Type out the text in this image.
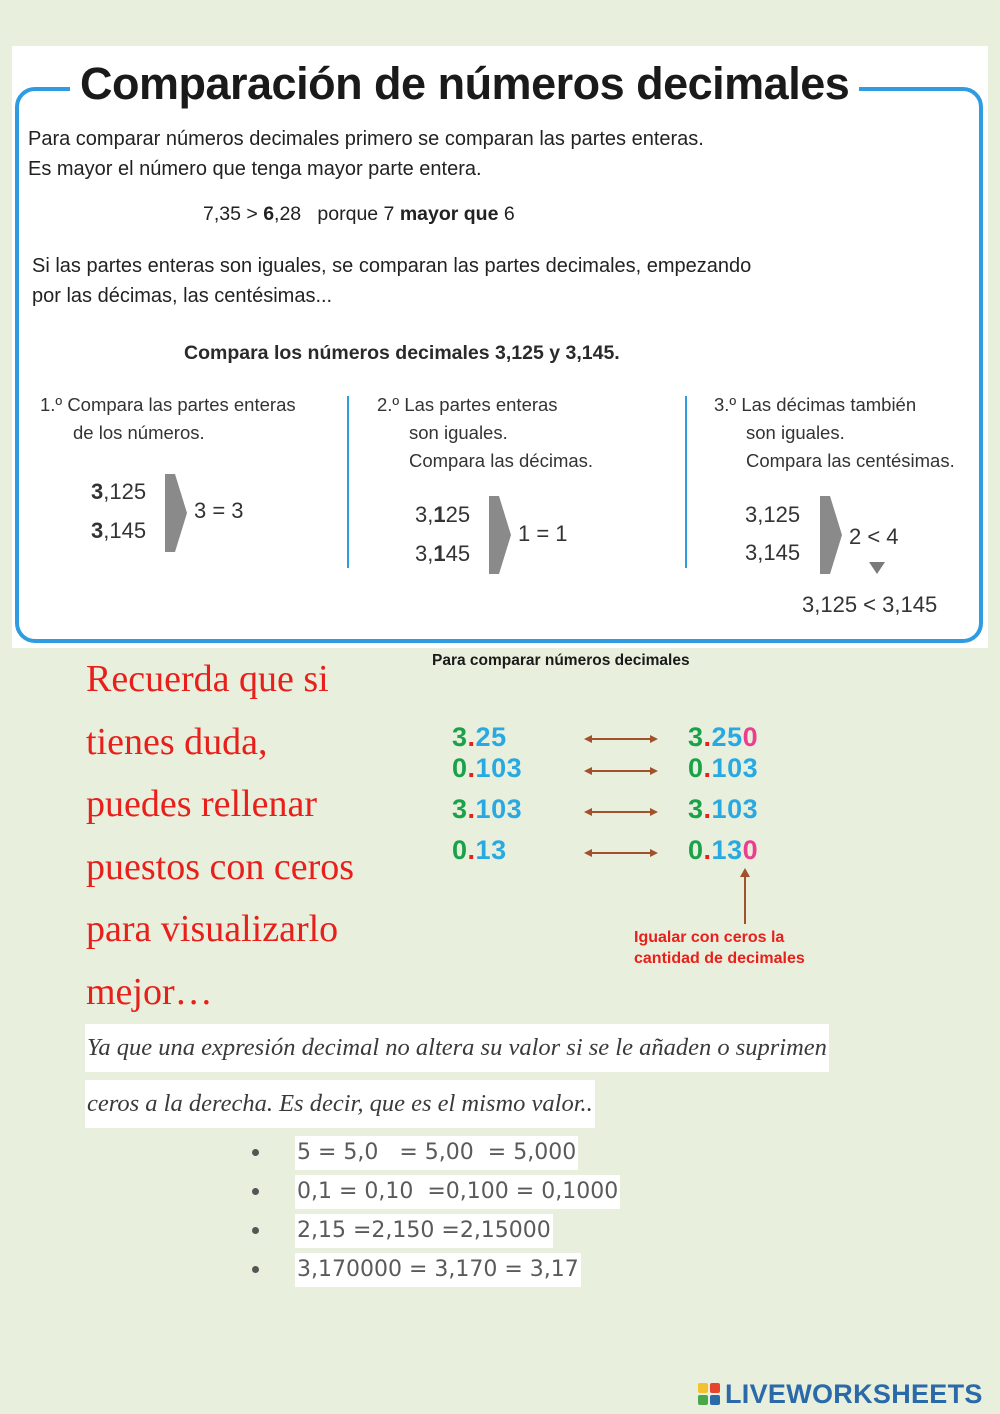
Comparación de números decimales
Para comparar números decimales primero se comparan las partes enteras.
Es mayor el número que tenga mayor parte entera.
7,35 > 6,28 porque 7 mayor que 6
Si las partes enteras son iguales, se comparan las partes decimales, empezando
por las décimas, las centésimas...
Compara los números decimales 3,125 y 3,145.
1.º Compara las partes enteras
de los números.
3,125
3,145
3 = 3
2.º Las partes enteras
son iguales.
Compara las décimas.
3,125
3,145
1 = 1
3.º Las décimas también
son iguales.
Compara las centésimas.
3,125
3,145
2 < 4
3,125 < 3,145
Recuerda que si
tienes duda,
puedes rellenar
puestos con ceros
para visualizarlo
mejor…
Para comparar números decimales
3.25
0.103
3.103
0.13
3.250
0.103
3.103
0.130
Igualar con ceros la
cantidad de decimales
Ya que una expresión decimal no altera su valor si se le añaden o suprimen
ceros a la derecha. Es decir, que es el mismo valor..
5 = 5,0   = 5,00  = 5,000
0,1 = 0,10  =0,100 = 0,1000
2,15 =2,150 =2,15000
3,170000 = 3,170 = 3,17
LIVEWORKSHEETS
